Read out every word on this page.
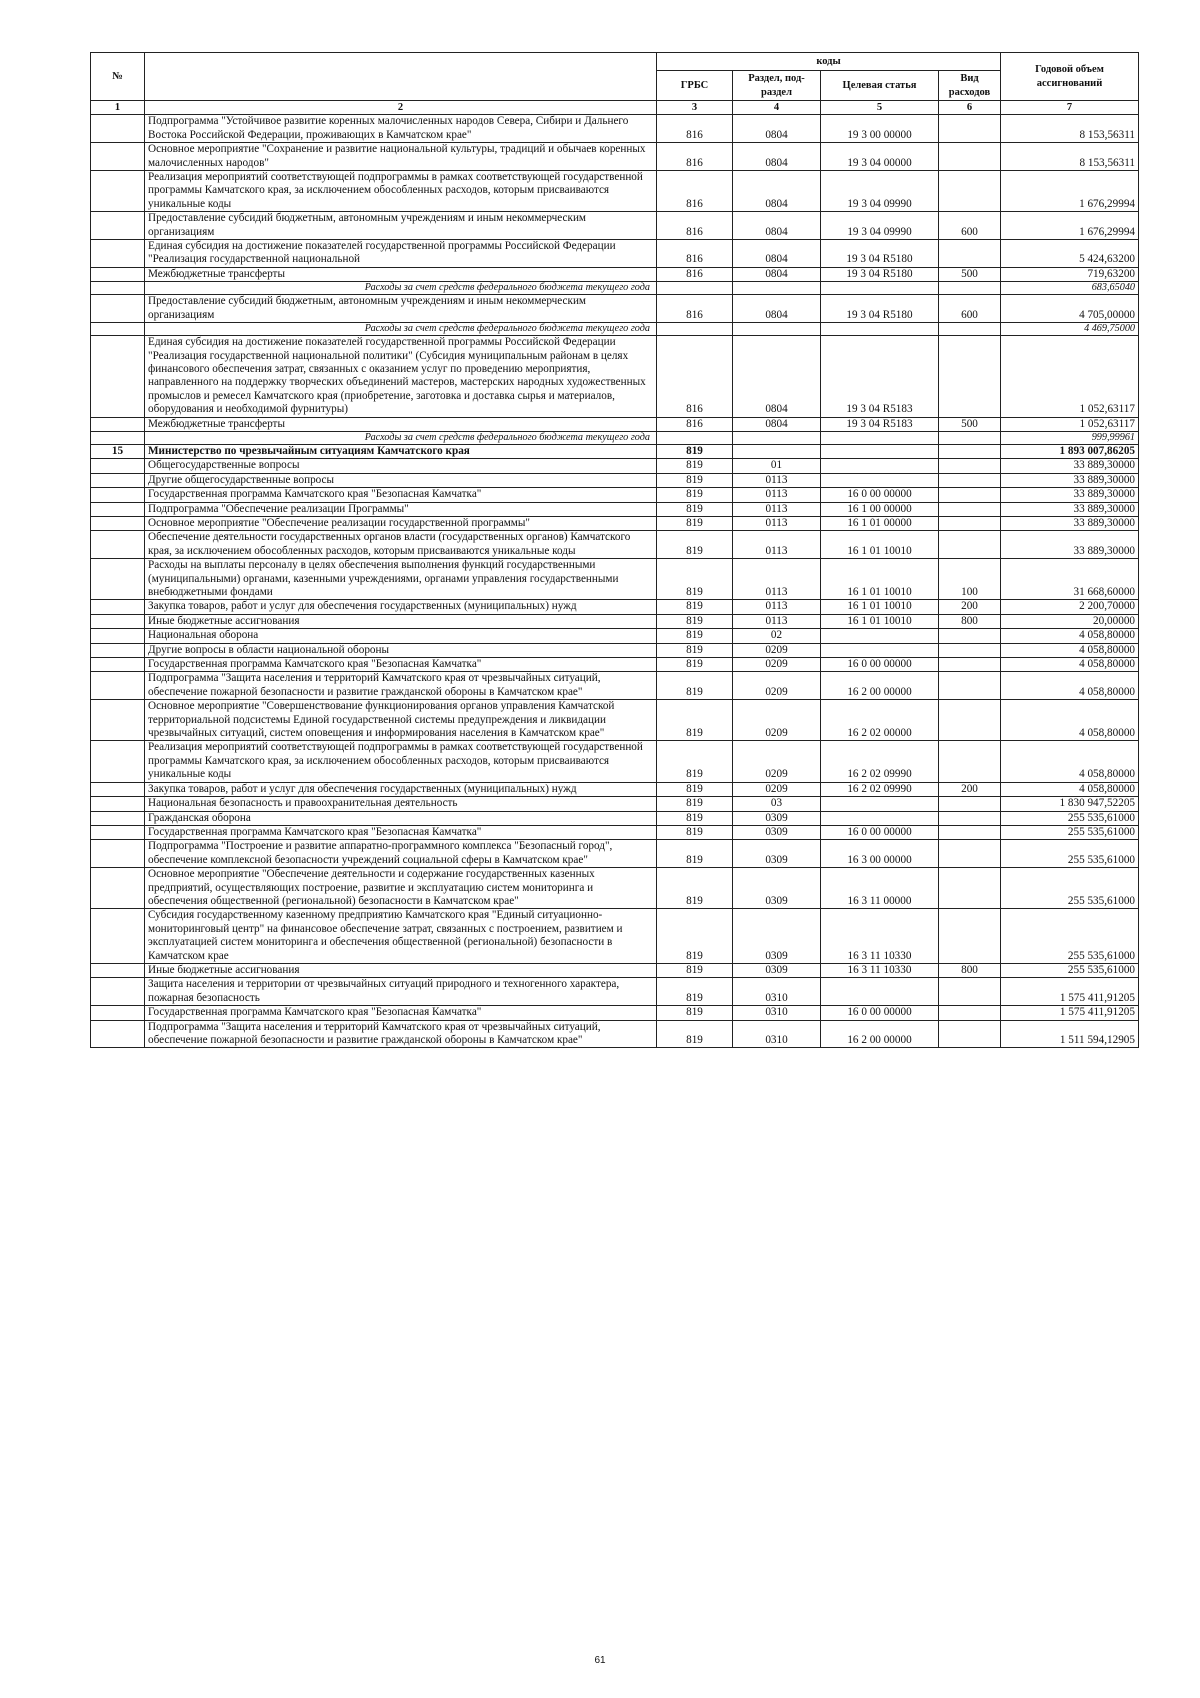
№		коды				Годовой объем ассигнований
		ГРБС	Раздел, под-раздел	Целевая статья	Вид расходов	
1	2	3	4	5	6	7
	Подпрограмма "Устойчивое развитие коренных малочисленных народов Севера, Сибири и Дальнего Востока Российской Федерации, проживающих в Камчатском крае"	816	0804	19 3 00 00000		8 153,56311
	Основное мероприятие "Сохранение и развитие национальной культуры, традиций и обычаев коренных малочисленных народов"	816	0804	19 3 04 00000		8 153,56311
	Реализация мероприятий соответствующей подпрограммы в рамках соответствующей государственной программы Камчатского края, за исключением обособленных расходов, которым присваиваются уникальные коды	816	0804	19 3 04 09990		1 676,29994
	Предоставление субсидий бюджетным, автономным учреждениям и иным некоммерческим организациям	816	0804	19 3 04 09990	600	1 676,29994
	Единая субсидия на достижение показателей государственной программы Российской Федерации "Реализация государственной национальной	816	0804	19 3 04 R5180		5 424,63200
	Межбюджетные трансферты	816	0804	19 3 04 R5180	500	719,63200
	Расходы за счет средств федерального бюджета текущего года					683,65040
	Предоставление субсидий бюджетным, автономным учреждениям и иным некоммерческим организациям	816	0804	19 3 04 R5180	600	4 705,00000
	Расходы за счет средств федерального бюджета текущего года					4 469,75000
	Единая субсидия на достижение показателей государственной программы Российской Федерации "Реализация государственной национальной политики" (Субсидия муниципальным районам в целях финансового обеспечения затрат, связанных с оказанием услуг по проведению мероприятия, направленного на поддержку творческих объединений мастеров, мастерских народных художественных промыслов и ремесел Камчатского края (приобретение, заготовка и доставка сырья и материалов, оборудования и необходимой фурнитуры)	816	0804	19 3 04 R5183		1 052,63117
	Межбюджетные трансферты	816	0804	19 3 04 R5183	500	1 052,63117
	Расходы за счет средств федерального бюджета текущего года					999,99961
15	Министерство по чрезвычайным ситуациям Камчатского края	819				1 893 007,86205
	Общегосударственные вопросы	819	01			33 889,30000
	Другие общегосударственные вопросы	819	0113			33 889,30000
	Государственная программа Камчатского края "Безопасная Камчатка"	819	0113	16 0 00 00000		33 889,30000
	Подпрограмма "Обеспечение реализации Программы"	819	0113	16 1 00 00000		33 889,30000
	Основное мероприятие "Обеспечение реализации государственной программы"	819	0113	16 1 01 00000		33 889,30000
	Обеспечение деятельности государственных органов власти (государственных органов) Камчатского края, за исключением обособленных расходов, которым присваиваются уникальные коды	819	0113	16 1 01 10010		33 889,30000
	Расходы на выплаты персоналу в целях обеспечения выполнения функций государственными (муниципальными) органами, казенными учреждениями, органами управления государственными внебюджетными фондами	819	0113	16 1 01 10010	100	31 668,60000
	Закупка товаров, работ и услуг для обеспечения государственных (муниципальных) нужд	819	0113	16 1 01 10010	200	2 200,70000
	Иные бюджетные ассигнования	819	0113	16 1 01 10010	800	20,00000
	Национальная оборона	819	02			4 058,80000
	Другие вопросы в области национальной обороны	819	0209			4 058,80000
	Государственная программа Камчатского края "Безопасная Камчатка"	819	0209	16 0 00 00000		4 058,80000
	Подпрограмма "Защита населения и территорий Камчатского края от чрезвычайных ситуаций, обеспечение пожарной безопасности и развитие гражданской обороны в Камчатском крае"	819	0209	16 2 00 00000		4 058,80000
	Основное мероприятие "Совершенствование функционирования органов управления Камчатской территориальной подсистемы Единой государственной системы предупреждения и ликвидации чрезвычайных ситуаций, систем оповещения и информирования населения в Камчатском крае"	819	0209	16 2 02 00000		4 058,80000
	Реализация мероприятий соответствующей подпрограммы в рамках соответствующей государственной программы Камчатского края, за исключением обособленных расходов, которым присваиваются уникальные коды	819	0209	16 2 02 09990		4 058,80000
	Закупка товаров, работ и услуг для обеспечения государственных (муниципальных) нужд	819	0209	16 2 02 09990	200	4 058,80000
	Национальная безопасность и правоохранительная деятельность	819	03			1 830 947,52205
	Гражданская оборона	819	0309			255 535,61000
	Государственная программа Камчатского края "Безопасная Камчатка"	819	0309	16 0 00 00000		255 535,61000
	Подпрограмма "Построение и развитие аппаратно-программного комплекса "Безопасный город", обеспечение комплексной безопасности учреждений социальной сферы в Камчатском крае"	819	0309	16 3 00 00000		255 535,61000
	Основное мероприятие "Обеспечение деятельности и содержание государственных казенных предприятий, осуществляющих построение, развитие и эксплуатацию систем мониторинга и обеспечения общественной (региональной) безопасности в Камчатском крае"	819	0309	16 3 11 00000		255 535,61000
	Субсидия государственному казенному предприятию Камчатского края "Единый ситуационно-мониторинговый центр" на финансовое обеспечение затрат, связанных с построением, развитием и эксплуатацией систем мониторинга и обеспечения общественной (региональной) безопасности в Камчатском крае	819	0309	16 3 11 10330		255 535,61000
	Иные бюджетные ассигнования	819	0309	16 3 11 10330	800	255 535,61000
	Защита населения и территории от чрезвычайных ситуаций природного и техногенного характера, пожарная безопасность	819	0310			1 575 411,91205
	Государственная программа Камчатского края "Безопасная Камчатка"	819	0310	16 0 00 00000		1 575 411,91205
	Подпрограмма "Защита населения и территорий Камчатского края от чрезвычайных ситуаций, обеспечение пожарной безопасности и развитие гражданской обороны в Камчатском крае"	819	0310	16 2 00 00000		1 511 594,12905
61
